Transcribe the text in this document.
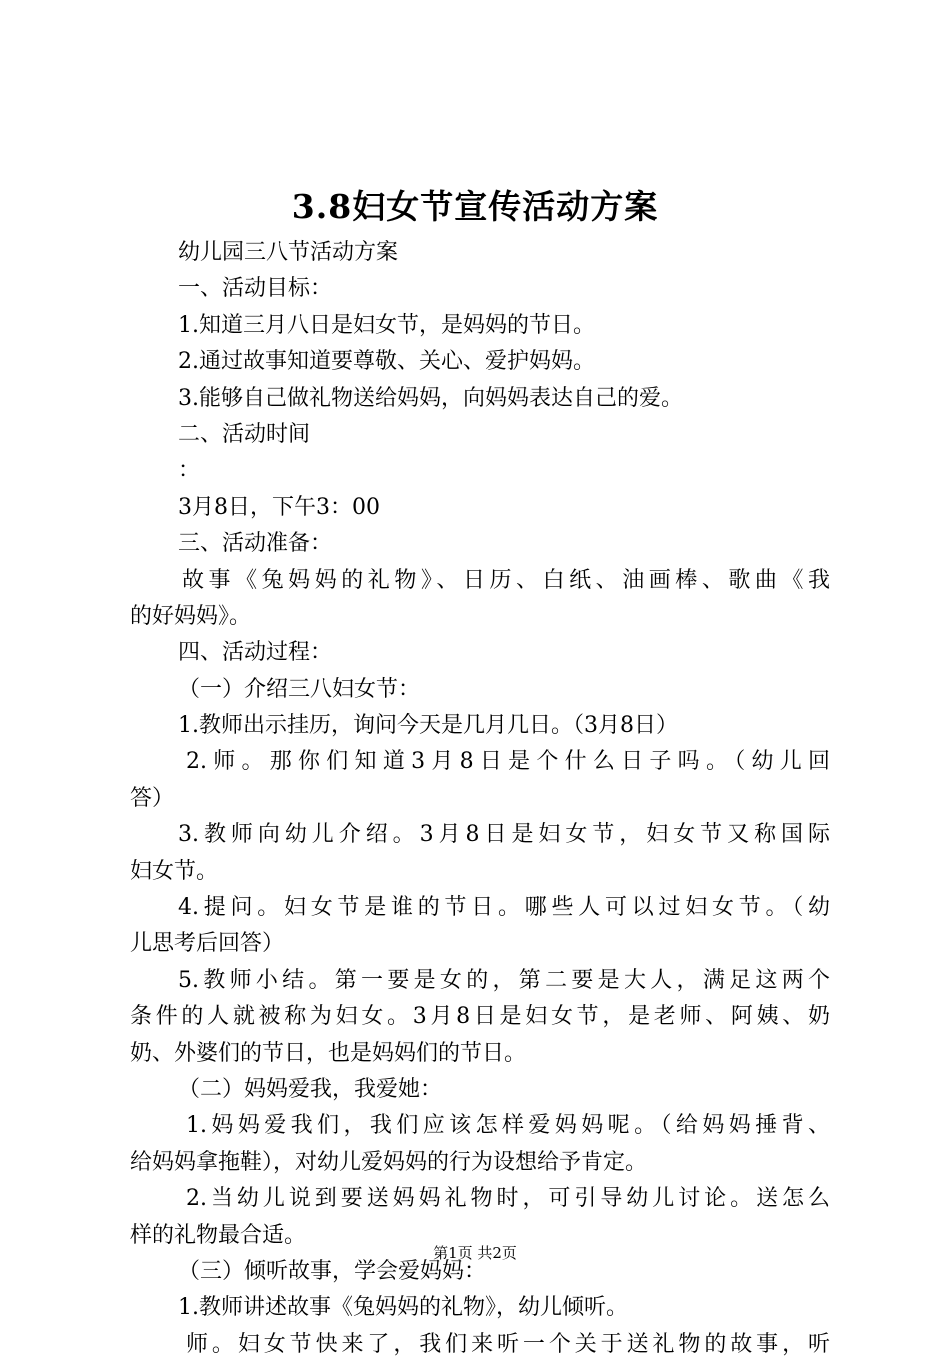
3.8妇女节宣传活动方案
幼儿园三八节活动方案
一、活动目标：
1.知道三月八日是妇女节，是妈妈的节日。
2.通过故事知道要尊敬、关心、爱护妈妈。
3.能够自己做礼物送给妈妈，向妈妈表达自己的爱。
二、活动时间
：
3月8日，下午3：00
三、活动准备：
故事《兔妈妈的礼物》、日历、白纸、油画棒、歌曲《我
的好妈妈》。
四、活动过程：
（一）介绍三八妇女节：
1.教师出示挂历，询问今天是几月几日。（3月8日）
2.师。那你们知道3月8日是个什么日子吗。（幼儿回
答）
3.教师向幼儿介绍。3月8日是妇女节，妇女节又称国际
妇女节。
4.提问。妇女节是谁的节日。哪些人可以过妇女节。（幼
儿思考后回答）
5.教师小结。第一要是女的，第二要是大人，满足这两个
条件的人就被称为妇女。3月8日是妇女节，是老师、阿姨、奶
奶、外婆们的节日，也是妈妈们的节日。
（二）妈妈爱我，我爱她：
1.妈妈爱我们，我们应该怎样爱妈妈呢。（给妈妈捶背、
给妈妈拿拖鞋），对幼儿爱妈妈的行为设想给予肯定。
2.当幼儿说到要送妈妈礼物时，可引导幼儿讨论。送怎么
样的礼物最合适。
（三）倾听故事，学会爱妈妈：
1.教师讲述故事《兔妈妈的礼物》，幼儿倾听。
师。妇女节快来了，我们来听一个关于送礼物的故事，听
第1页 共2页
